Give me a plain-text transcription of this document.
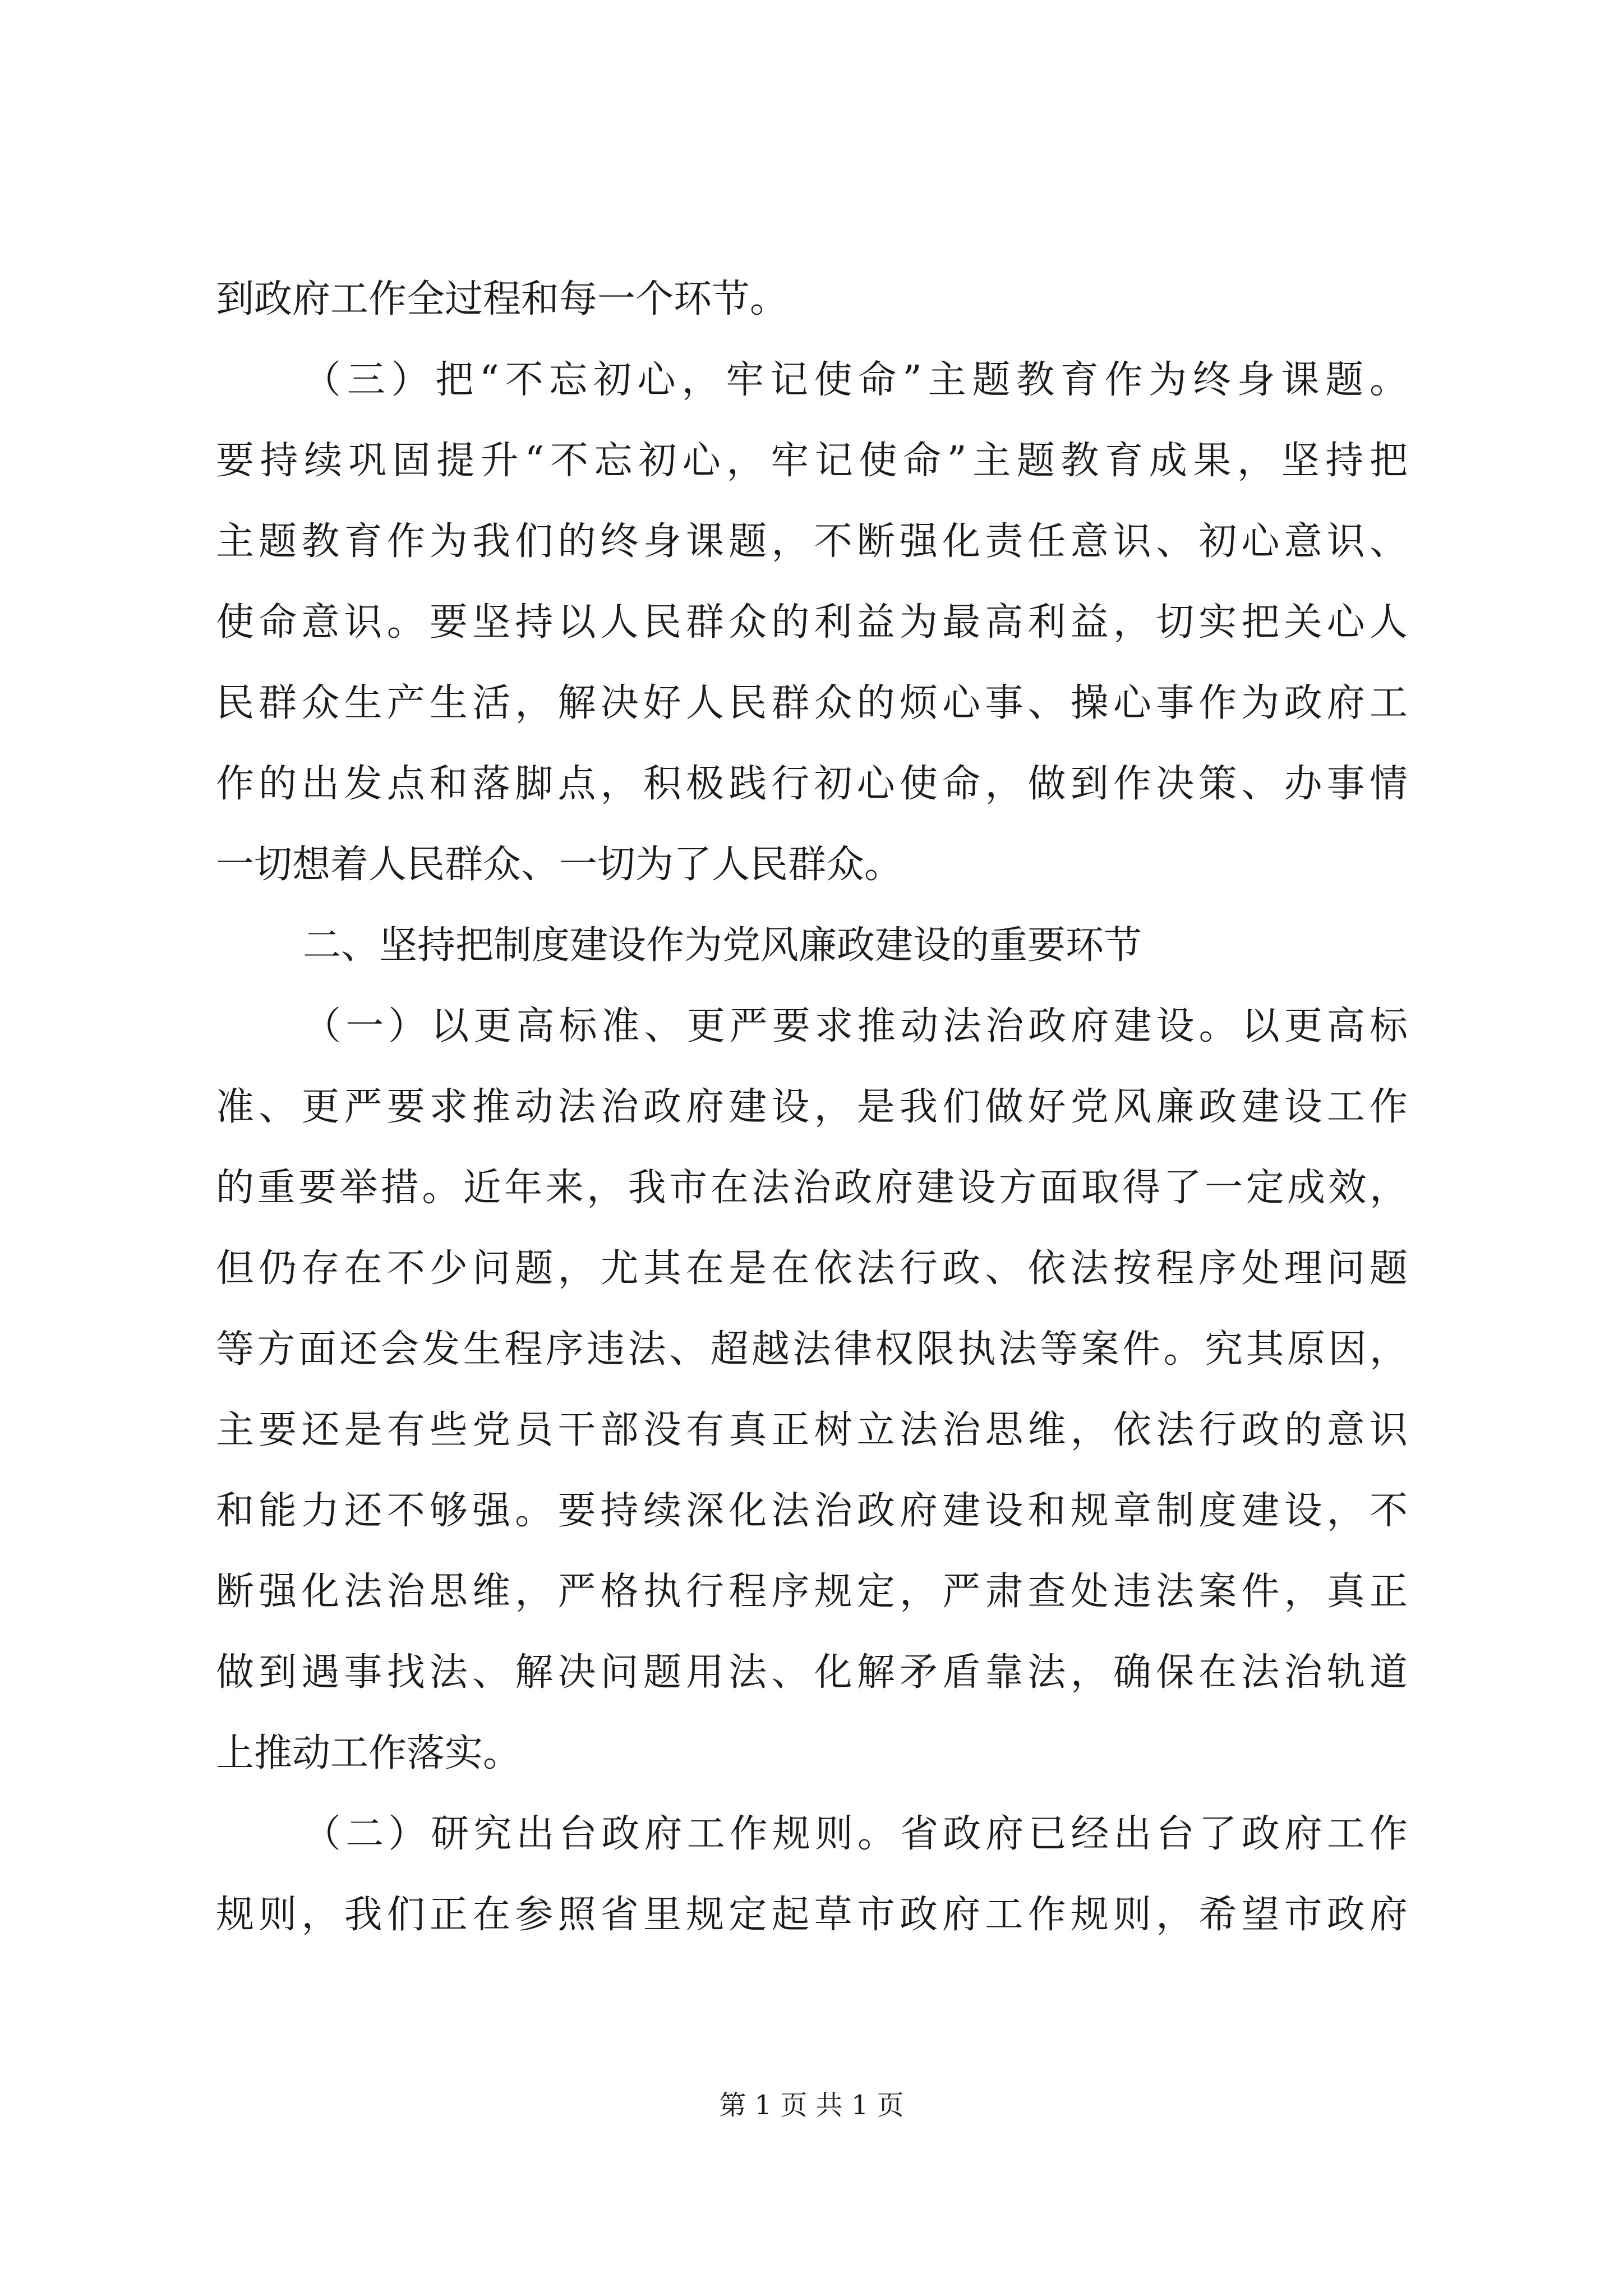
到政府工作全过程和每一个环节。
（三）把“不忘初心，牢记使命”主题教育作为终身课题。
要持续巩固提升“不忘初心，牢记使命”主题教育成果，坚持把
主题教育作为我们的终身课题，不断强化责任意识、初心意识、
使命意识。要坚持以人民群众的利益为最高利益，切实把关心人
民群众生产生活，解决好人民群众的烦心事、操心事作为政府工
作的出发点和落脚点，积极践行初心使命，做到作决策、办事情
一切想着人民群众、一切为了人民群众。
二、坚持把制度建设作为党风廉政建设的重要环节
（一）以更高标准、更严要求推动法治政府建设。以更高标
准、更严要求推动法治政府建设，是我们做好党风廉政建设工作
的重要举措。近年来，我市在法治政府建设方面取得了一定成效，
但仍存在不少问题，尤其在是在依法行政、依法按程序处理问题
等方面还会发生程序违法、超越法律权限执法等案件。究其原因，
主要还是有些党员干部没有真正树立法治思维，依法行政的意识
和能力还不够强。要持续深化法治政府建设和规章制度建设，不
断强化法治思维，严格执行程序规定，严肃查处违法案件，真正
做到遇事找法、解决问题用法、化解矛盾靠法，确保在法治轨道
上推动工作落实。
（二）研究出台政府工作规则。省政府已经出台了政府工作
规则，我们正在参照省里规定起草市政府工作规则，希望市政府
第 1 页 共 1 页
